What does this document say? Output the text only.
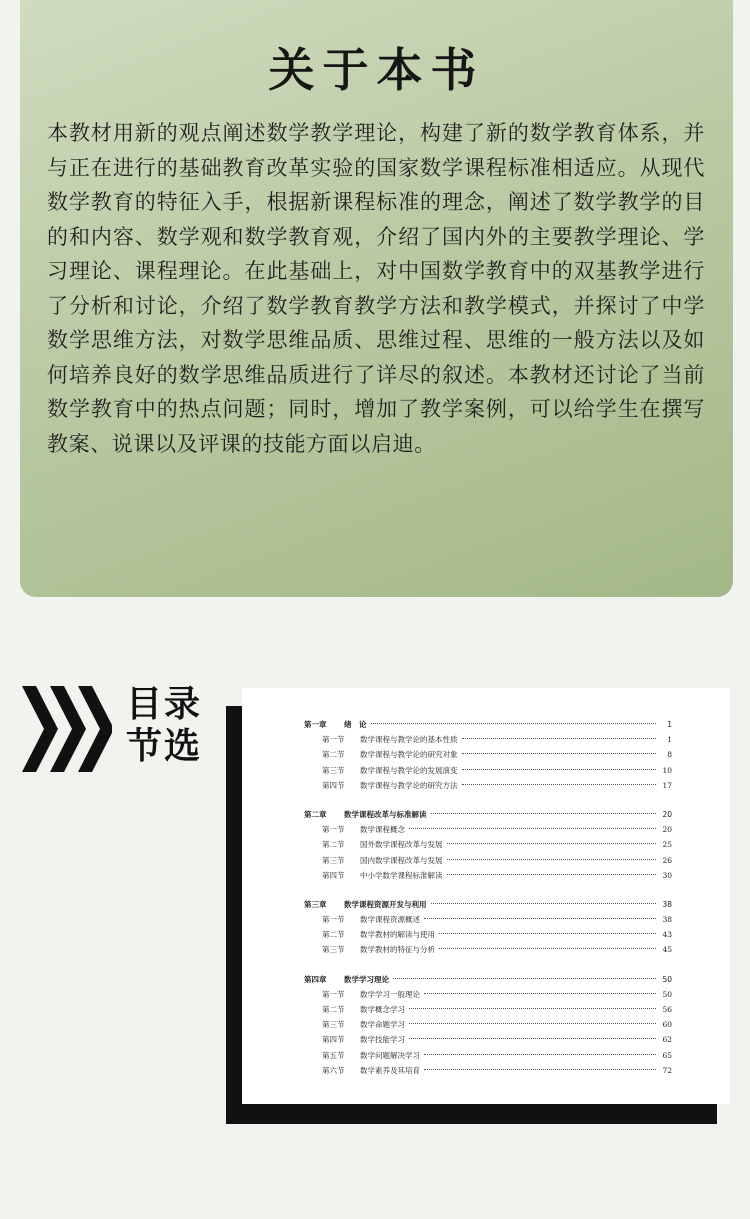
关于本书
本教材用新的观点阐述数学教学理论，构建了新的数学教育体系，并与正在进行的基础教育改革实验的国家数学课程标准相适应。从现代数学教育的特征入手，根据新课程标准的理念，阐述了数学教学的目的和内容、数学观和数学教育观，介绍了国内外的主要教学理论、学习理论、课程理论。在此基础上，对中国数学教育中的双基教学进行了分析和讨论，介绍了数学教育教学方法和教学模式，并探讨了中学数学思维方法，对数学思维品质、思维过程、思维的一般方法以及如何培养良好的数学思维品质进行了详尽的叙述。本教材还讨论了当前数学教育中的热点问题；同时，增加了教学案例，可以给学生在撰写教案、说课以及评课的技能方面以启迪。
目录
节选
第一章	绪　论	1
第一节	数学课程与教学论的基本性质	1
第二节	数学课程与教学论的研究对象	8
第三节	数学课程与教学论的发展演变	10
第四节	数学课程与教学论的研究方法	17
第二章	数学课程改革与标准解读	20
第一节	数学课程概念	20
第二节	国外数学课程改革与发展	25
第三节	国内数学课程改革与发展	26
第四节	中小学数学课程标准解读	30
第三章	数学课程资源开发与利用	38
第一节	数学课程资源概述	38
第二节	数学教材的解读与使用	43
第三节	数学教材的特征与分析	45
第四章	数学学习理论	50
第一节	数学学习一般理论	50
第二节	数学概念学习	56
第三节	数学命题学习	60
第四节	数学技能学习	62
第五节	数学问题解决学习	65
第六节	数学素养及其培育	72
